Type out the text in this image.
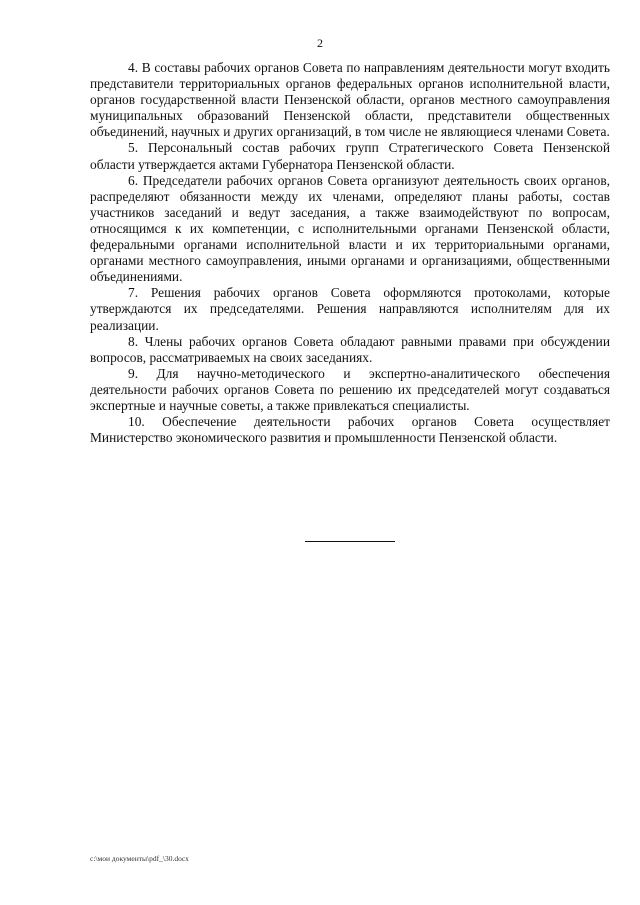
2

4. В составы рабочих органов Совета по направлениям деятельности могут входить представители территориальных органов федеральных органов исполнительной власти, органов государственной власти Пензенской области, органов местного самоуправления муниципальных образований Пензенской области, представители общественных объединений, научных и других организаций, в том числе не являющиеся членами Совета.

5. Персональный состав рабочих групп Стратегического Совета Пензенской области утверждается актами Губернатора Пензенской области.

6. Председатели рабочих органов Совета организуют деятельность своих органов, распределяют обязанности между их членами, определяют планы работы, состав участников заседаний и ведут заседания, а также взаимодействуют по вопросам, относящимся к их компетенции, с исполнительными органами Пензенской области, федеральными органами исполнительной власти и их территориальными органами, органами местного самоуправления, иными органами и организациями, общественными объединениями.

7. Решения рабочих органов Совета оформляются протоколами, которые утверждаются их председателями. Решения направляются исполнителям для их реализации.

8. Члены рабочих органов Совета обладают равными правами при обсуждении вопросов, рассматриваемых на своих заседаниях.

9. Для научно-методического и экспертно-аналитического обеспечения деятельности рабочих органов Совета по решению их председателей могут создаваться экспертные и научные советы, а также привлекаться специалисты.

10. Обеспечение деятельности рабочих органов Совета осуществляет Министерство экономического развития и промышленности Пензенской области.

c:\мои документы\pdf_\30.docx
